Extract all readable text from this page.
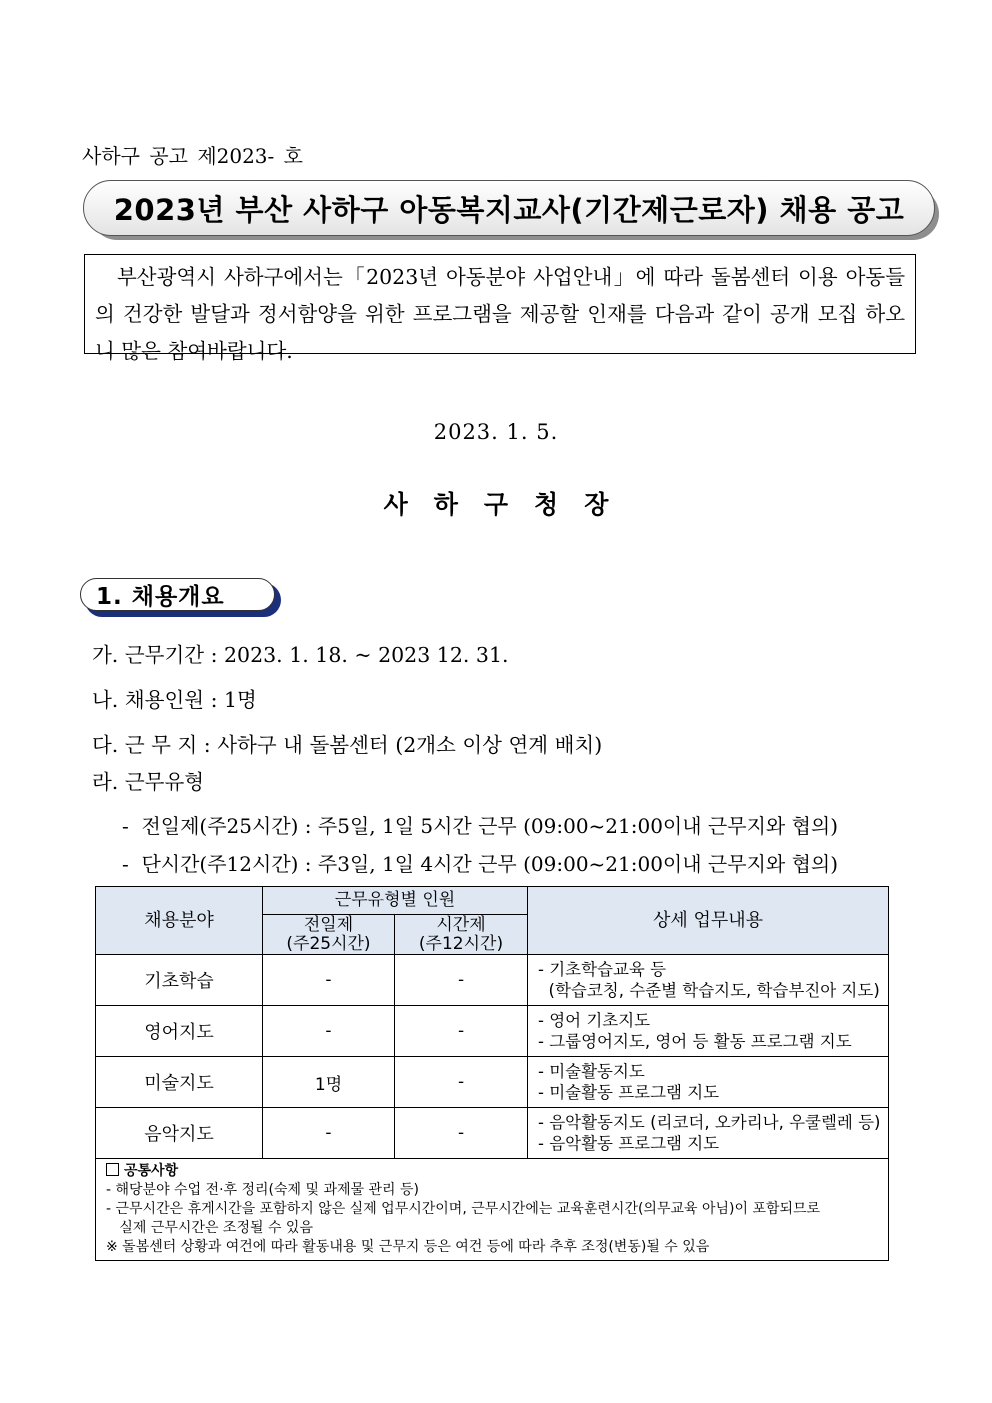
사하구 공고 제2023- 호
2023년 부산 사하구 아동복지교사(기간제근로자) 채용 공고
부산광역시 사하구에서는「2023년 아동분야 사업안내」에 따라 돌봄센터 이용 아동들의 건강한 발달과 정서함양을 위한 프로그램을 제공할 인재를 다음과 같이 공개 모집 하오니 많은 참여바랍니다.
2023. 1. 5.
사하구청장
1. 채용개요
가. 근무기간 : 2023. 1. 18. ~ 2023 12. 31.
나. 채용인원 : 1명
다. 근 무 지 : 사하구 내 돌봄센터 (2개소 이상 연계 배치)
라. 근무유형
-  전일제(주25시간) : 주5일, 1일 5시간 근무 (09:00~21:00이내 근무지와 협의)
-  단시간(주12시간) : 주3일, 1일 4시간 근무 (09:00~21:00이내 근무지와 협의)
채용분야	근무유형별 인원		상세 업무내용
	전일제
(주25시간)	시간제
(주12시간)	
기초학습	-	-	- 기초학습교육 등
(학습코칭, 수준별 학습지도, 학습부진아 지도)
영어지도	-	-	- 영어 기초지도
- 그룹영어지도, 영어 등 활동 프로그램 지도
미술지도	1명	-	- 미술활동지도
- 미술활동 프로그램 지도
음악지도	-	-	- 음악활동지도 (리코더, 오카리나, 우쿨렐레 등)
- 음악활동 프로그램 지도

공통사항
- 해당분야 수업 전·후 정리(숙제 및 과제물 관리 등)
- 근무시간은 휴게시간을 포함하지 않은 실제 업무시간이며, 근무시간에는 교육훈련시간(의무교육 아님)이 포함되므로
실제 근무시간은 조정될 수 있음
※ 돌봄센터 상황과 여건에 따라 활동내용 및 근무지 등은 여건 등에 따라 추후 조정(변동)될 수 있음			
